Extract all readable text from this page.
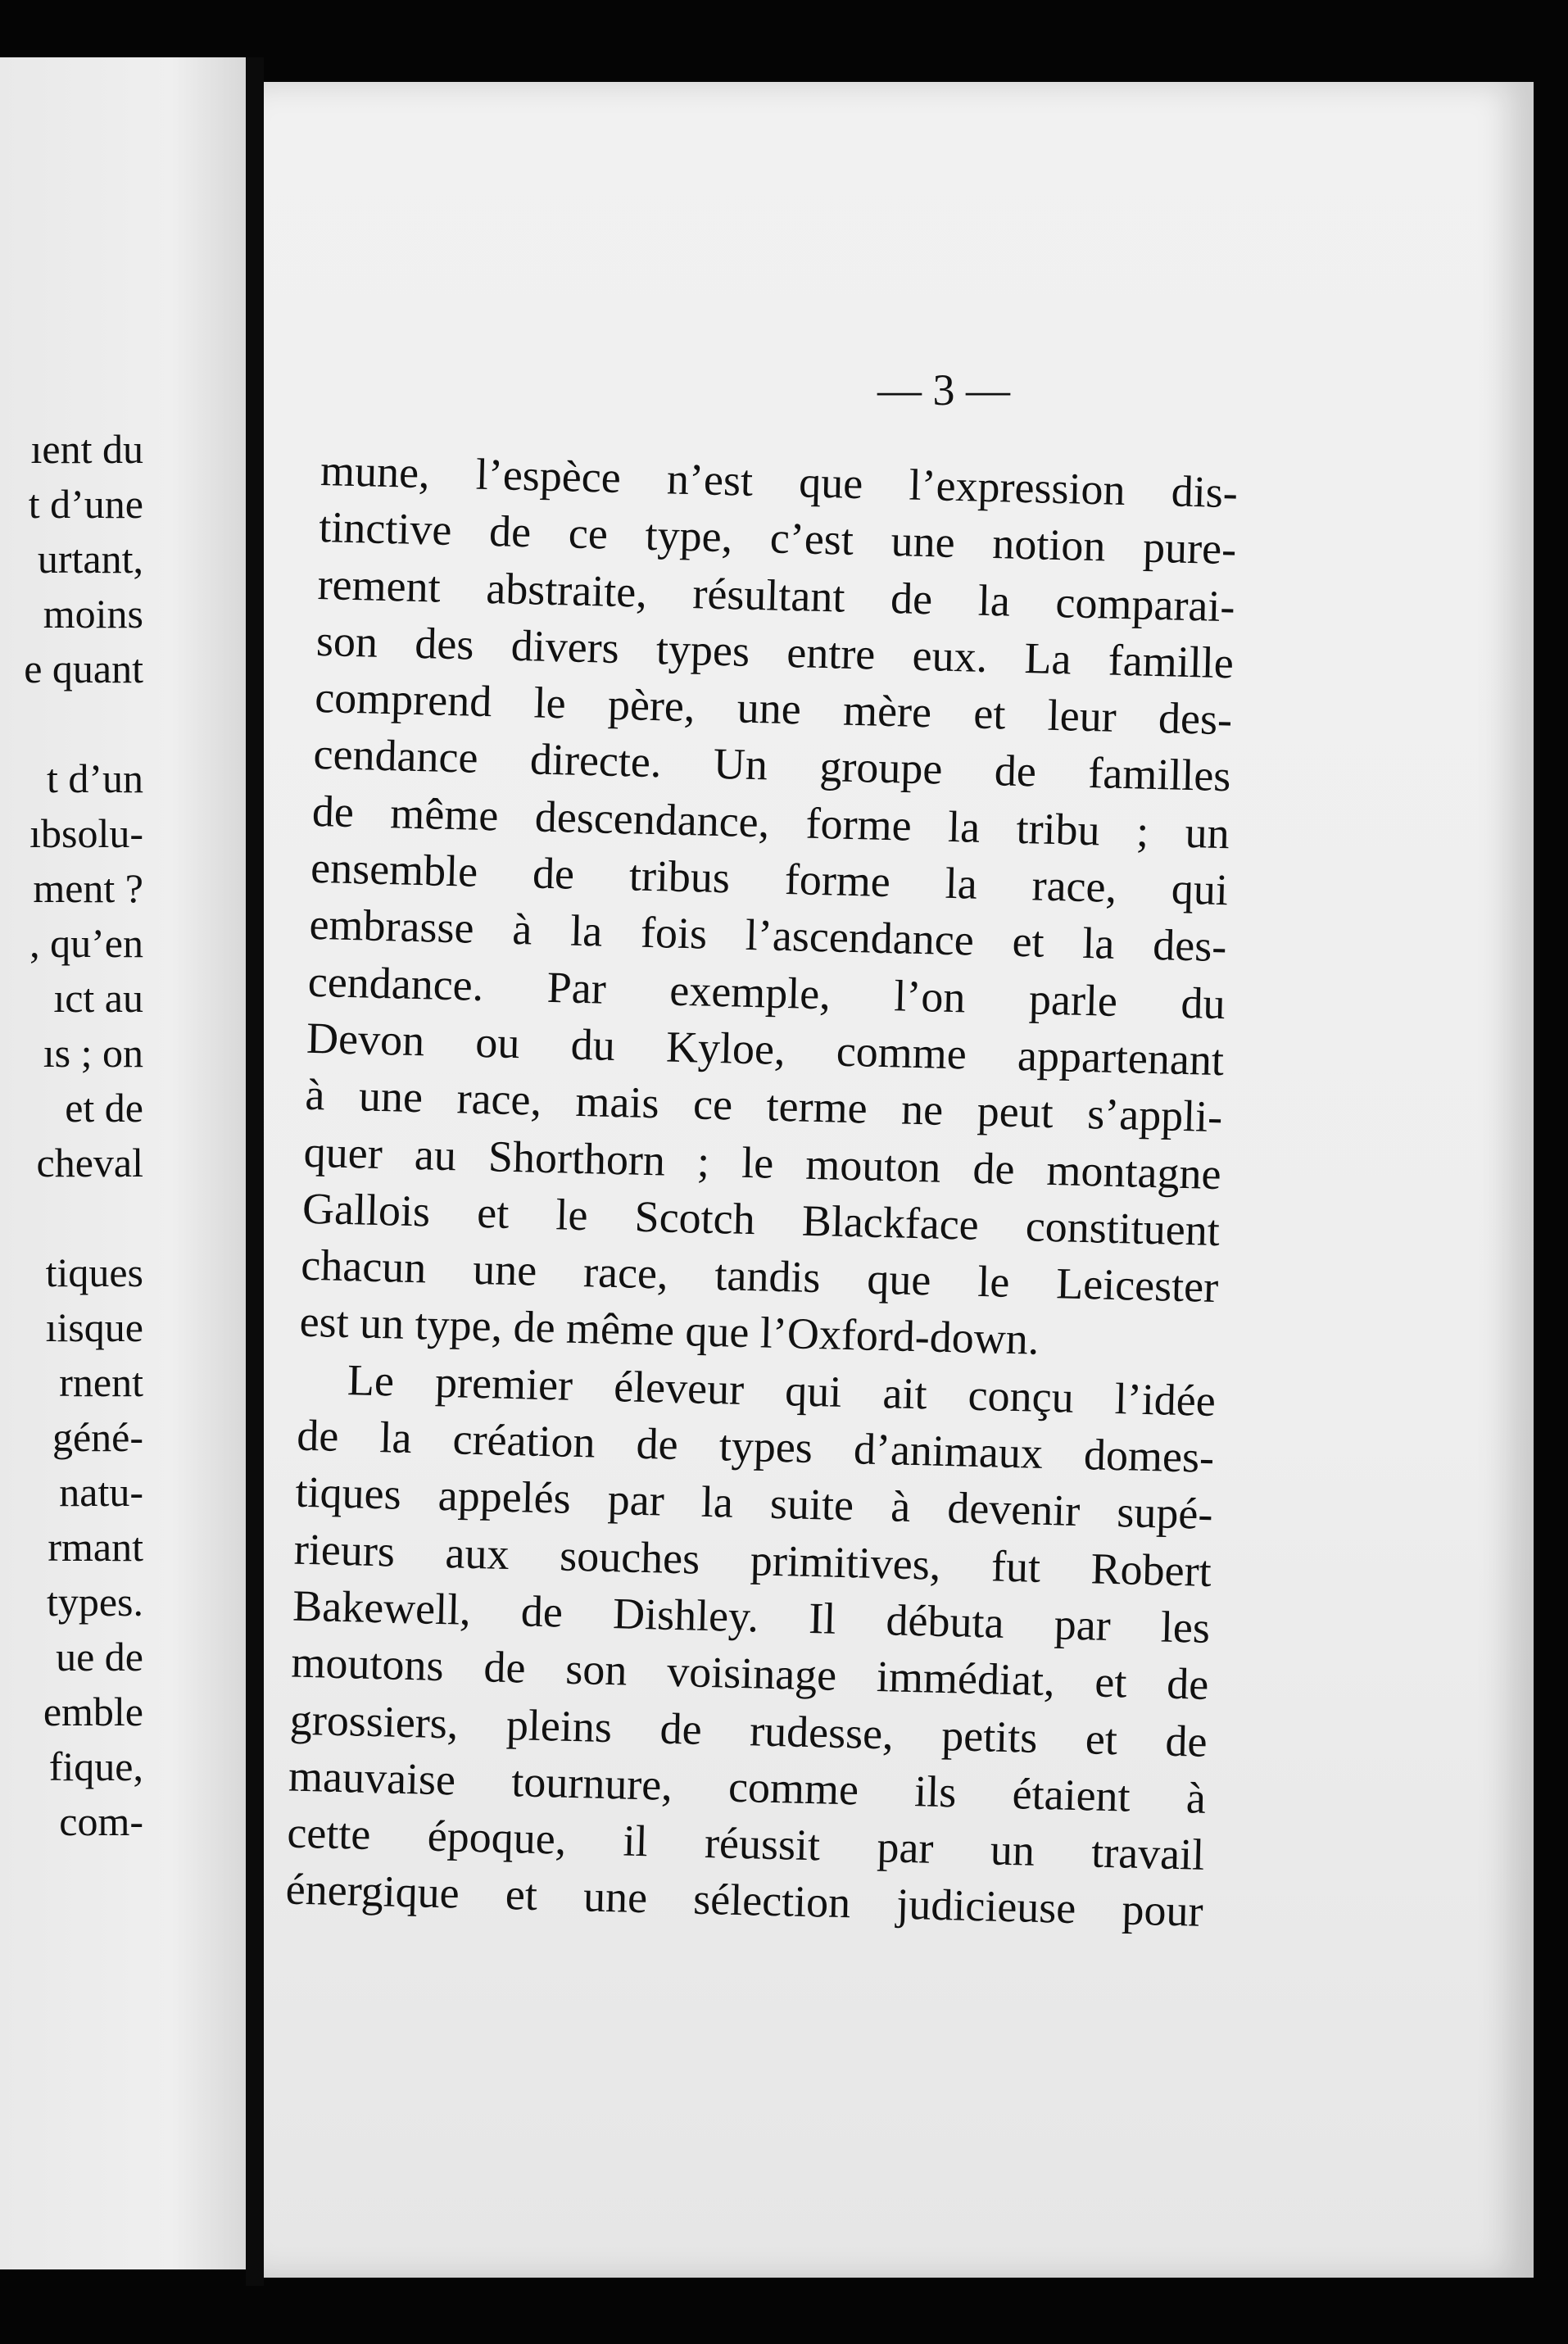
ıent du
t d’une
urtant,
moins
e quant
t d’un
ıbsolu-
ment ?
, qu’en
ıct au
ıs ; on
et de
cheval
tiques
ıisque
rnent
géné-
natu-
rmant
types.
ue de
emble
fique,
com-
— 3 —
mune, l’espèce n’est que l’expression dis-
tinctive de ce type, c’est une notion pure-
rement abstraite, résultant de la comparai-
son des divers types entre eux. La famille
comprend le père, une mère et leur des-
cendance directe. Un groupe de familles
de même descendance, forme la tribu ; un
ensemble de tribus forme la race, qui
embrasse à la fois l’ascendance et la des-
cendance. Par exemple, l’on parle du
Devon ou du Kyloe, comme appartenant
à une race, mais ce terme ne peut s’appli-
quer au Shorthorn ; le mouton de montagne
Gallois et le Scotch Blackface constituent
chacun une race, tandis que le Leicester
est un type, de même que l’Oxford-down.
Le premier éleveur qui ait conçu l’idée
de la création de types d’animaux domes-
tiques appelés par la suite à devenir supé-
rieurs aux souches primitives, fut Robert
Bakewell, de Dishley. Il débuta par les
moutons de son voisinage immédiat, et de
grossiers, pleins de rudesse, petits et de
mauvaise tournure, comme ils étaient à
cette époque, il réussit par un travail
énergique et une sélection judicieuse pour
